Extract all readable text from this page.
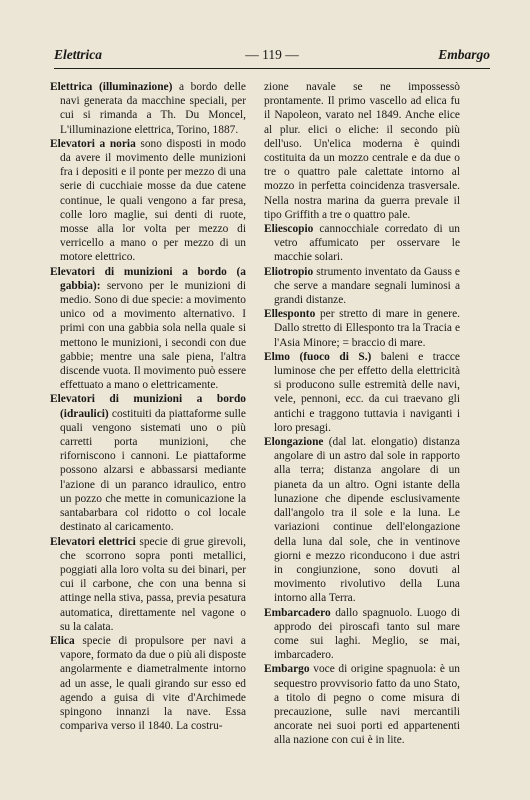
Elettrica	— 119 —	Embargo

Elettrica (illuminazione) a bordo delle navi generata da macchine speciali, per cui si rimanda a Th. Du Moncel, L'illuminazione elettrica, Torino, 1887.

Elevatori a noria sono disposti in modo da avere il movimento delle munizioni fra i depositi e il ponte per mezzo di una serie di cucchiaie mosse da due catene continue, le quali vengono a far presa, colle loro maglie, sui denti di ruote, mosse alla lor volta per mezzo di verricello a mano o per mezzo di un motore elettrico.

Elevatori di munizioni a bordo (a gabbia): servono per le munizioni di medio. Sono di due specie: a movimento unico od a movimento alternativo. I primi con una gabbia sola nella quale si mettono le munizioni, i secondi con due gabbie; mentre una sale piena, l'altra discende vuota. Il movimento può essere effettuato a mano o elettricamente.

Elevatori di munizioni a bordo (idraulici) costituiti da piattaforme sulle quali vengono sistemati uno o più carretti porta munizioni, che riforniscono i cannoni. Le piattaforme possono alzarsi e abbassarsi mediante l'azione di un paranco idraulico, entro un pozzo che mette in comunicazione la santabarbara col ridotto o col locale destinato al caricamento.

Elevatori elettrici specie di grue girevoli, che scorrono sopra ponti metallici, poggiati alla loro volta su dei binari, per cui il carbone, che con una benna si attinge nella stiva, passa, previa pesatura automatica, direttamente nel vagone o su la calata.

Elica specie di propulsore per navi a vapore, formato da due o più ali disposte angolarmente e diametralmente intorno ad un asse, le quali girando sur esso ed agendo a guisa di vite d'Archimede spingono innanzi la nave. Essa compariva verso il 1840. La costru-

zione navale se ne impossessò prontamente. Il primo vascello ad elica fu il Napoleon, varato nel 1849. Anche elice al plur. elici o eliche: il secondo più dell'uso. Un'elica moderna è quindi costituita da un mozzo centrale e da due o tre o quattro pale calettate intorno al mozzo in perfetta coincidenza trasversale. Nella nostra marina da guerra prevale il tipo Griffith a tre o quattro pale.

Eliescopio cannocchiale corredato di un vetro affumicato per osservare le macchie solari.

Eliotropio strumento inventato da Gauss e che serve a mandare segnali luminosi a grandi distanze.

Ellesponto per stretto di mare in genere. Dallo stretto di Ellesponto tra la Tracia e l'Asia Minore; = braccio di mare.

Elmo (fuoco di S.) baleni e tracce luminose che per effetto della elettricità si producono sulle estremità delle navi, vele, pennoni, ecc. da cui traevano gli antichi e traggono tuttavia i naviganti i loro presagi.

Elongazione (dal lat. elongatio) distanza angolare di un astro dal sole in rapporto alla terra; distanza angolare di un pianeta da un altro. Ogni istante della lunazione che dipende esclusivamente dall'angolo tra il sole e la luna. Le variazioni continue dell'elongazione della luna dal sole, che in ventinove giorni e mezzo riconducono i due astri in congiunzione, sono dovuti al movimento rivolutivo della Luna intorno alla Terra.

Embarcadero dallo spagnuolo. Luogo di approdo dei piroscafi tanto sul mare come sui laghi. Meglio, se mai, imbarcadero.

Embargo voce di origine spagnuola: è un sequestro provvisorio fatto da uno Stato, a titolo di pegno o come misura di precauzione, sulle navi mercantili ancorate nei suoi porti ed appartenenti alla nazione con cui è in lite.
